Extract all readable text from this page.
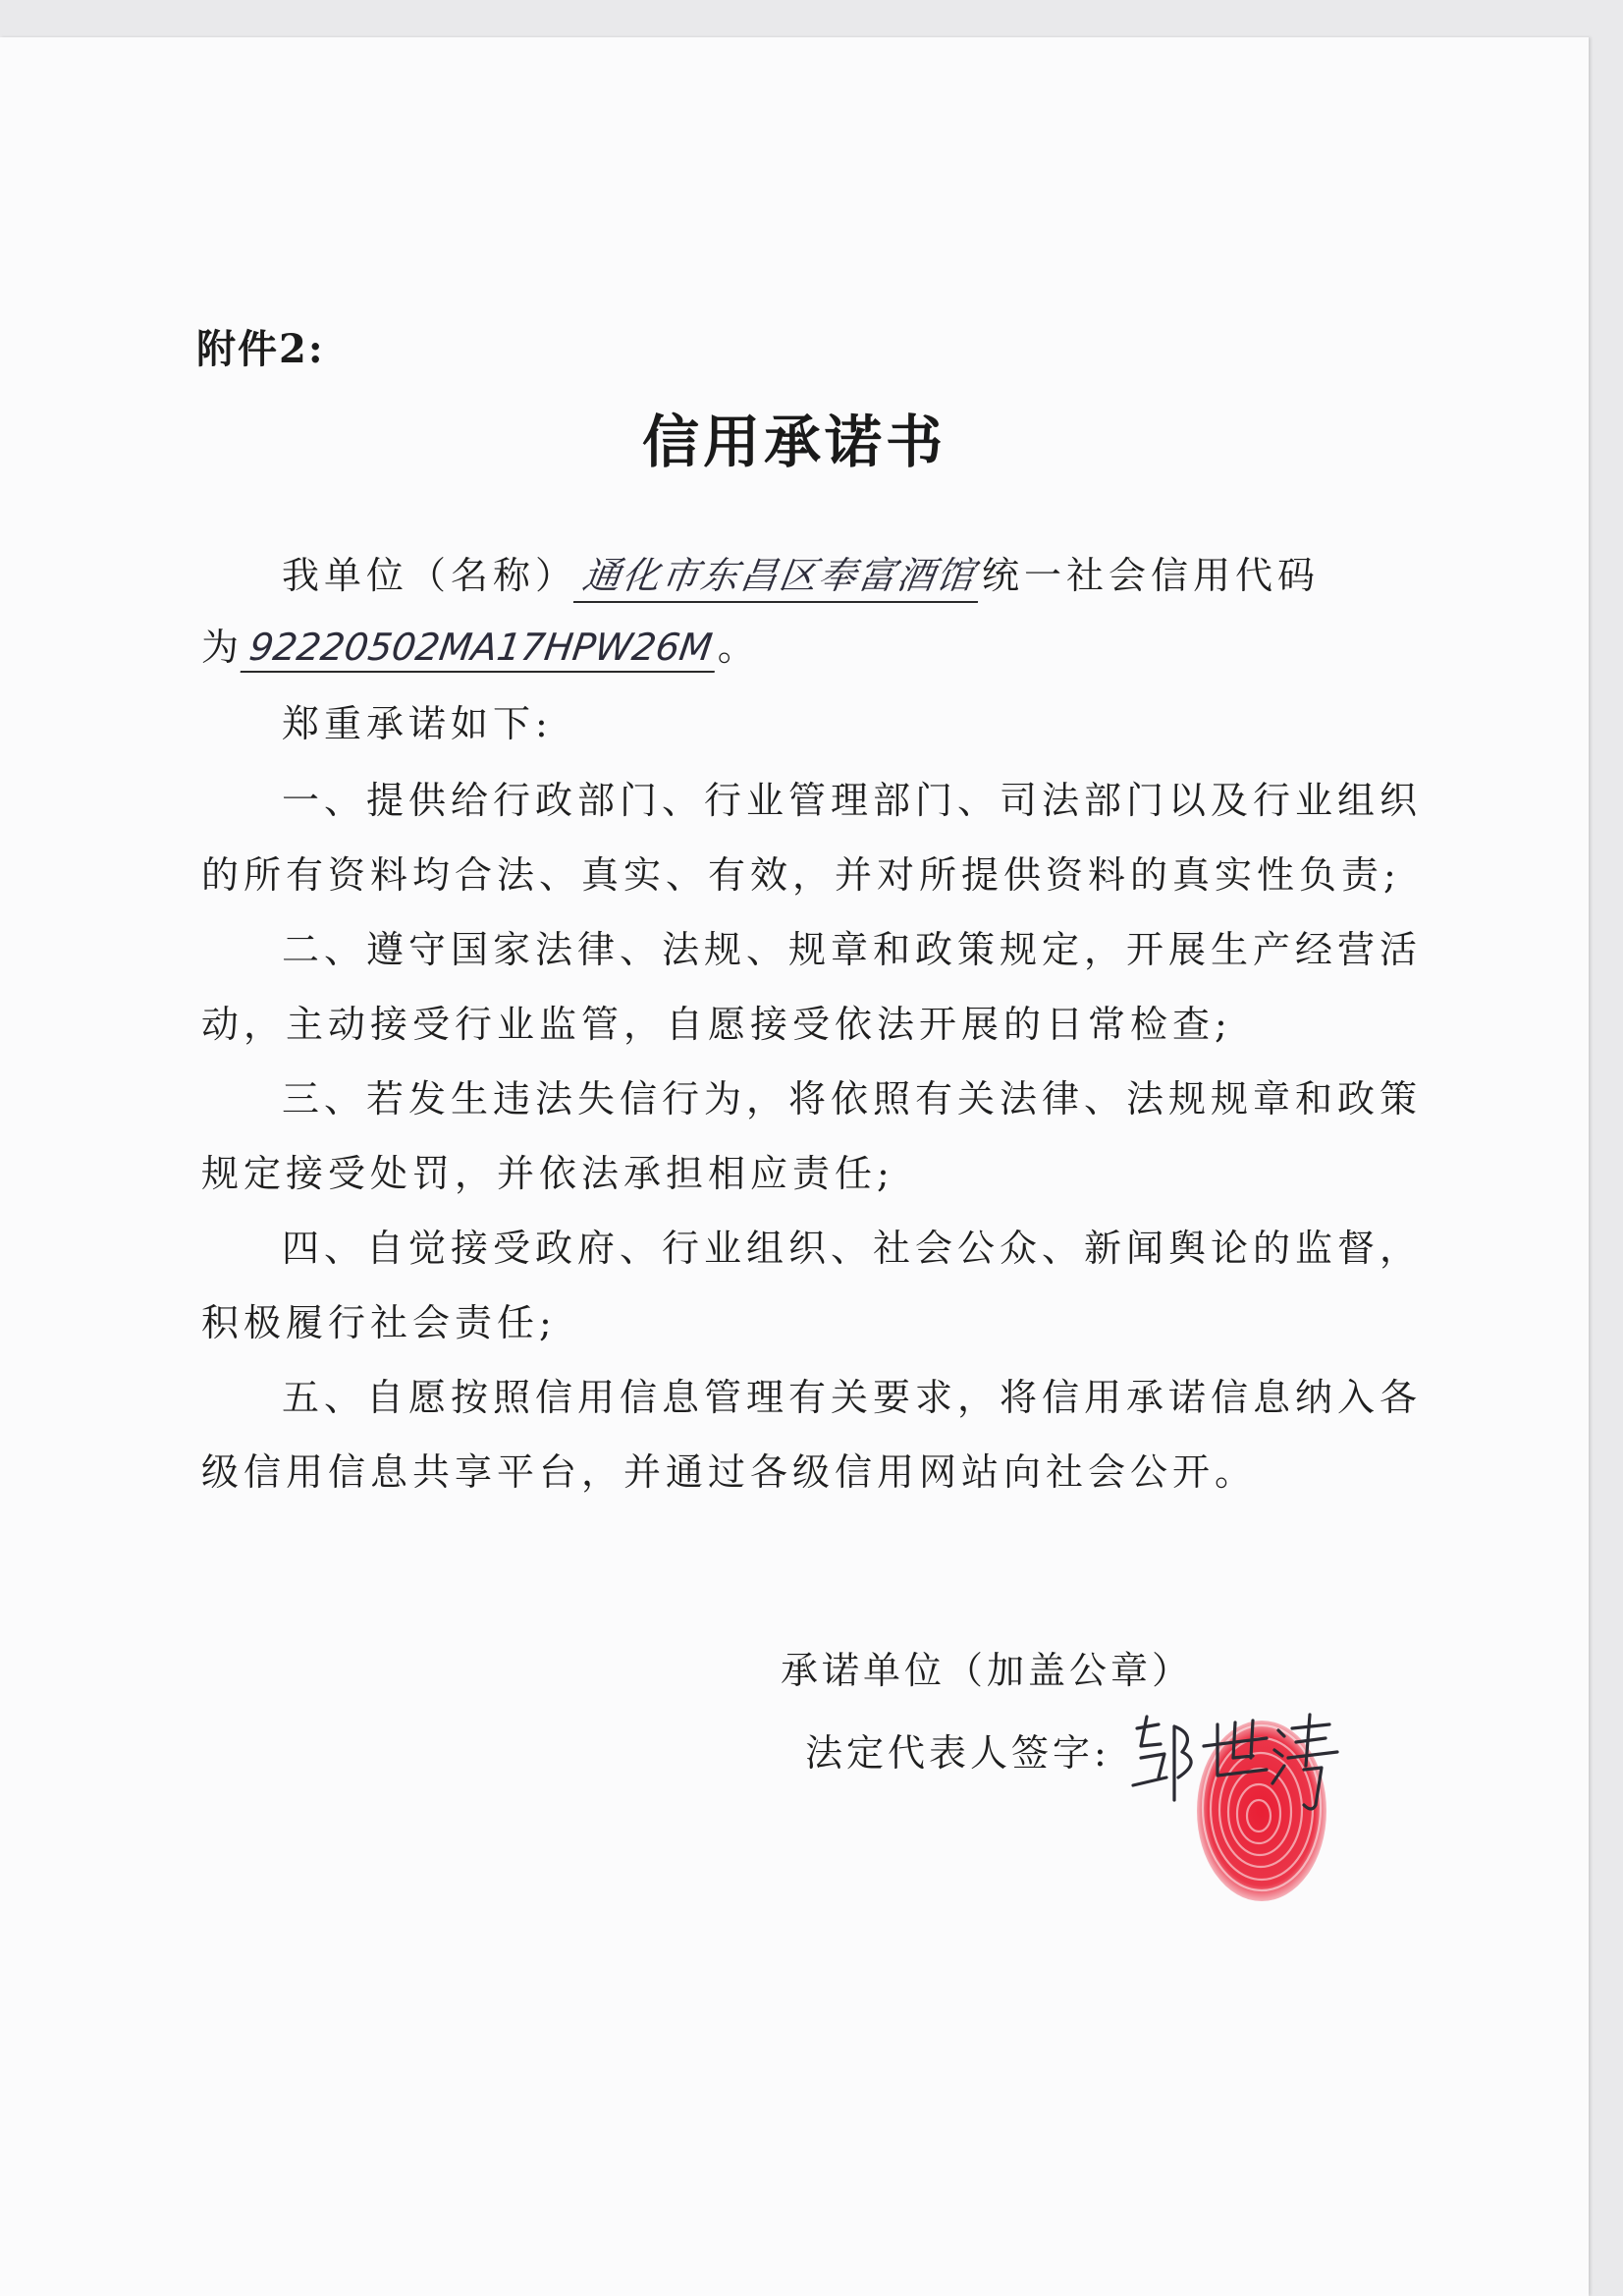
附件2:
信用承诺书
我单位（名称）通化市东昌区奉富酒馆统一社会信用代码
为92220502MA17HPW26M。
郑重承诺如下:
一、提供给行政部门、行业管理部门、司法部门以及行业组织
的所有资料均合法、真实、有效，并对所提供资料的真实性负责;
二、遵守国家法律、法规、规章和政策规定，开展生产经营活
动，主动接受行业监管，自愿接受依法开展的日常检查;
三、若发生违法失信行为，将依照有关法律、法规规章和政策
规定接受处罚，并依法承担相应责任;
四、自觉接受政府、行业组织、社会公众、新闻舆论的监督，
积极履行社会责任;
五、自愿按照信用信息管理有关要求，将信用承诺信息纳入各
级信用信息共享平台，并通过各级信用网站向社会公开。
承诺单位（加盖公章）
法定代表人签字:
